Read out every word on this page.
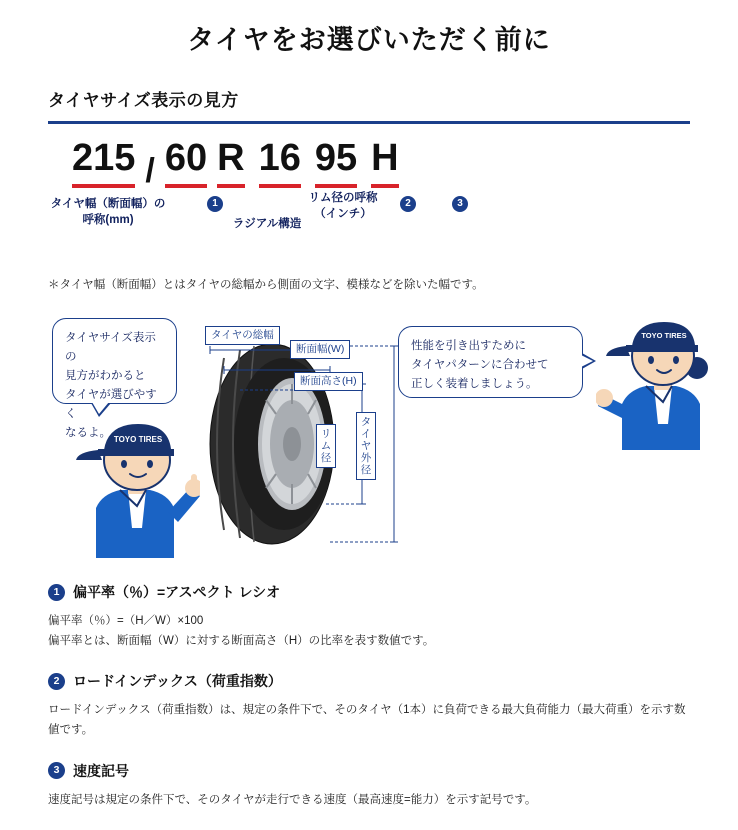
タイヤをお選びいただく前に
タイヤサイズ表示の見方
215 / 60 R 16 95 H
タイヤ幅（断面幅）の
呼称(mm)
1
ラジアル構造
リム径の呼称
（インチ）
2	3
＊タイヤ幅（断面幅）とはタイヤの総幅から側面の文字、模様などを除いた幅です。
タイヤサイズ表示の
見方がわかると
タイヤが選びやすく
なるよ。
性能を引き出すために
タイヤパターンに合わせて
正しく装着しましょう。
TOYO TIRES
TOYO TIRES
タイヤの総幅
断面幅(W)
断面高さ(H)
リム
径
タイヤ
外径
1 偏平率（％）=アスペクト レシオ
偏平率（％）=（H／W）×100
偏平率とは、断面幅（W）に対する断面高さ（H）の比率を表す数値です。
2 ロードインデックス（荷重指数）
ロードインデックス（荷重指数）は、規定の条件下で、そのタイヤ（1本）に負荷できる最大負荷能力（最大荷重）を示す数値です。
3 速度記号
速度記号は規定の条件下で、そのタイヤが走行できる速度（最高速度=能力）を示す記号です。
